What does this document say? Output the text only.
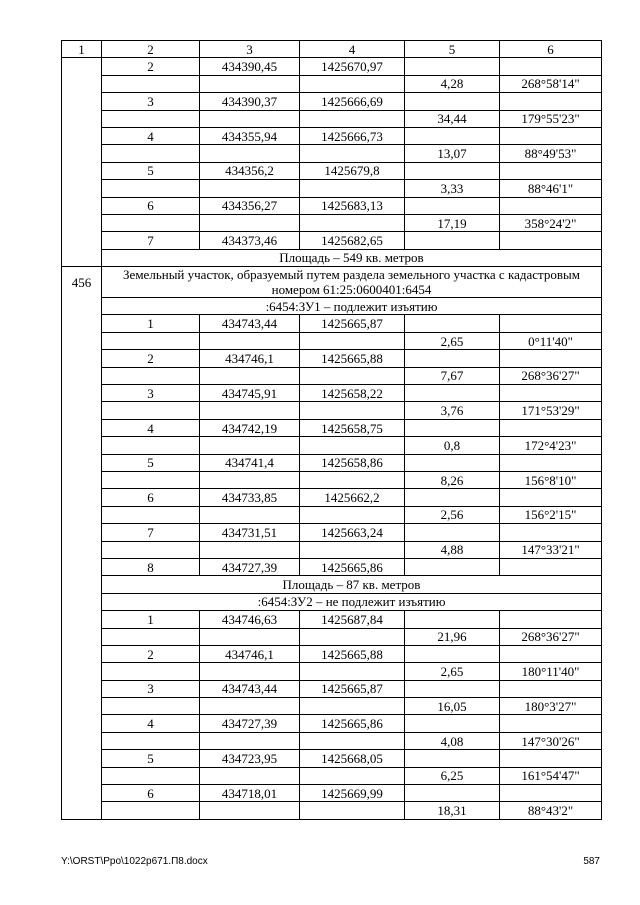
1	2	3	4	5	6
	2	434390,45	1425670,97		
				4,28	268°58'14"
	3	434390,37	1425666,69		
				34,44	179°55'23"
	4	434355,94	1425666,73		
				13,07	88°49'53"
	5	434356,2	1425679,8		
				3,33	88°46'1"
	6	434356,27	1425683,13		
				17,19	358°24'2"
	7	434373,46	1425682,65		
	Площадь – 549 кв. метров				
456	Земельный участок, образуемый путем раздела земельного участка с кадастровым номером 61:25:0600401:6454				
	:6454:ЗУ1 – подлежит изъятию				
	1	434743,44	1425665,87		
				2,65	0°11'40"
	2	434746,1	1425665,88		
				7,67	268°36'27"
	3	434745,91	1425658,22		
				3,76	171°53'29"
	4	434742,19	1425658,75		
				0,8	172°4'23"
	5	434741,4	1425658,86		
				8,26	156°8'10"
	6	434733,85	1425662,2		
				2,56	156°2'15"
	7	434731,51	1425663,24		
				4,88	147°33'21"
	8	434727,39	1425665,86		
	Площадь – 87 кв. метров				
	:6454:ЗУ2 – не подлежит изъятию				
	1	434746,63	1425687,84		
				21,96	268°36'27"
	2	434746,1	1425665,88		
				2,65	180°11'40"
	3	434743,44	1425665,87		
				16,05	180°3'27"
	4	434727,39	1425665,86		
				4,08	147°30'26"
	5	434723,95	1425668,05		
				6,25	161°54'47"
	6	434718,01	1425669,99		
				18,31	88°43'2"
Y:\ORST\Ppo\1022p671.П8.docx	587
